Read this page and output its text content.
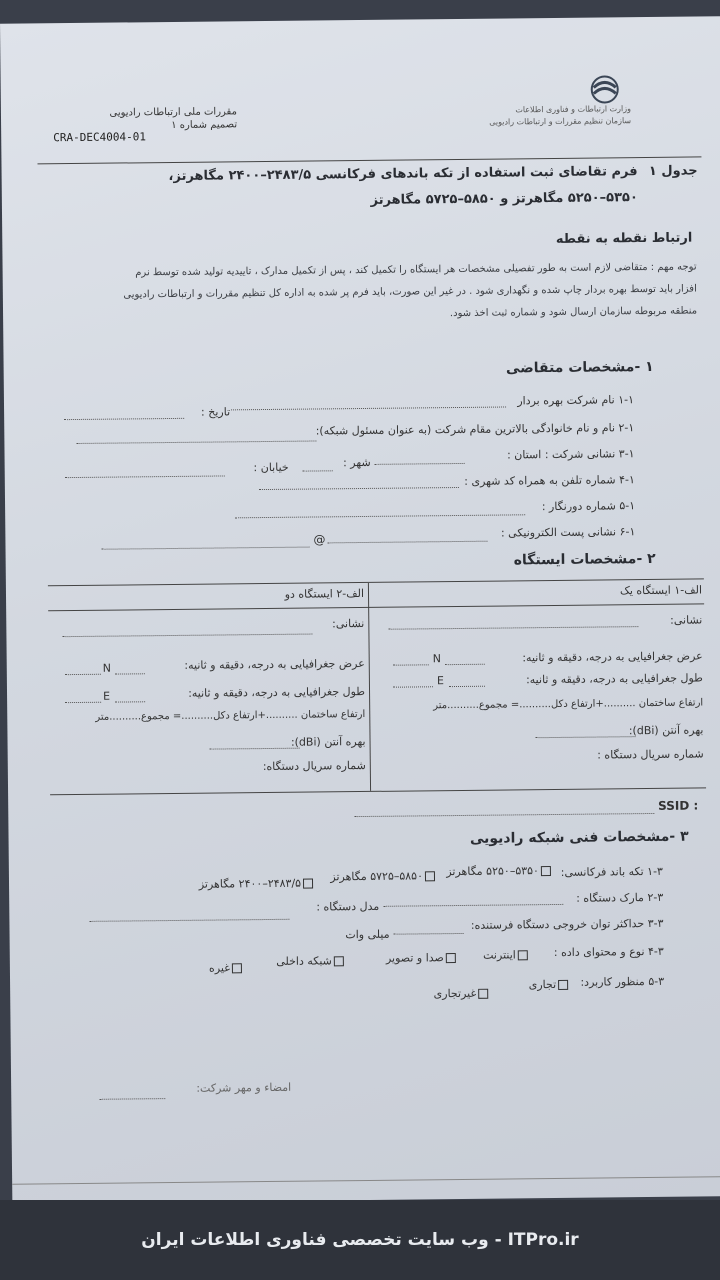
وزارت ارتباطات و فناوری اطلاعات
سازمان تنظیم مقررات و ارتباطات رادیویی
مقررات ملی ارتباطات رادیویی
تصمیم شماره ۱
CRA-DEC4004-01
جدول ۱
فرم تقاضای ثبت استفاده از تکه باندهای فرکانسی ۲۴۸۳/۵–۲۴۰۰ مگاهرتز،
۵۳۵۰–۵۲۵۰ مگاهرتز و ۵۸۵۰–۵۷۲۵ مگاهرتز
ارتباط نقطه به نقطه
توجه مهم : متقاضی لازم است به طور تفصیلی مشخصات هر ایستگاه را تکمیل کند ، پس از تکمیل مدارک ، تاییدیه تولید شده توسط نرم
افزار باید توسط بهره بردار چاپ شده و نگهداری شود . در غیر این صورت، باید فرم پر شده به اداره کل تنظیم مقررات و ارتباطات رادیویی
منطقه مربوطه سازمان ارسال شود و شماره ثبت اخذ شود.
۱ -مشخصات متقاضی
۱-۱ نام شرکت بهره بردار
تاریخ :
۲-۱ نام و نام خانوادگی بالاترین مقام شرکت (به عنوان مسئول شبکه):
۳-۱ نشانی شرکت : استان :
شهر :
خیابان :
۴-۱ شماره تلفن به همراه کد شهری :
۵-۱ شماره دورنگار :
۶-۱ نشانی پست الکترونیکی :
@
۲ -مشخصات ایستگاه
الف-۱ ایستگاه یک
نشانی:
عرض جغرافیایی به درجه، دقیقه و ثانیه:
N
طول جغرافیایی به درجه، دقیقه و ثانیه:
E
ارتفاع ساختمان ..........+ارتفاع دکل..........= مجموع..........متر
بهره آنتن (dBi):
شماره سریال دستگاه :
الف-۲ ایستگاه دو
نشانی:
عرض جغرافیایی به درجه، دقیقه و ثانیه:
N
طول جغرافیایی به درجه، دقیقه و ثانیه:
E
ارتفاع ساختمان ..........+ارتفاع دکل..........= مجموع..........متر
بهره آنتن (dBi):
شماره سریال دستگاه:
SSID :
۳ -مشخصات فنی شبکه رادیویی
۱-۳ تکه باند فرکانسی:
۵۳۵۰–۵۲۵۰ مگاهرتز
۵۸۵۰–۵۷۲۵ مگاهرتز
۲۴۸۳/۵–۲۴۰۰ مگاهرتز
۲-۳ مارک دستگاه :
مدل دستگاه :
۳-۳ حداکثر توان خروجی دستگاه فرستنده:
میلی وات
۴-۳ نوع و محتوای داده :
اینترنت
صدا و تصویر
شبکه داخلی
غیره
۵-۳ منظور کاربرد:
تجاری
غیرتجاری
امضاء و مهر شرکت:
ITPro.ir - وب سایت تخصصی فناوری اطلاعات ایران
